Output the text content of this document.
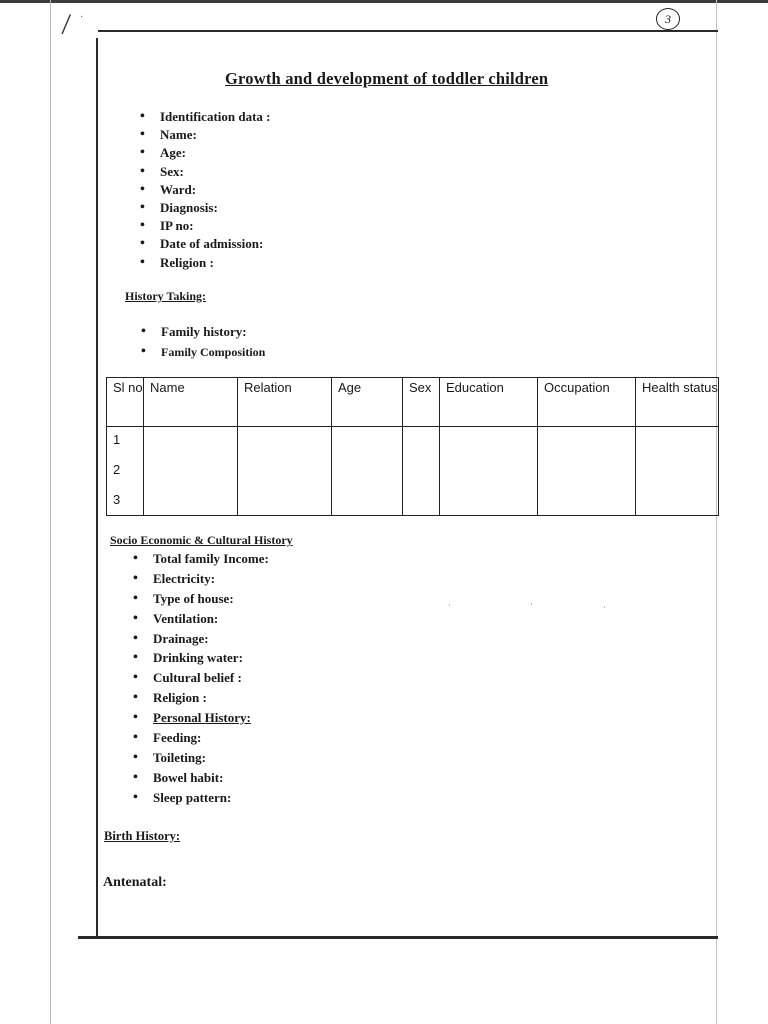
/ ·
·	·	·
3
Growth and development of toddler children
• Identification data :
• Name:
• Age:
• Sex:
• Ward:
• Diagnosis:
• IP no:
• Date of admission:
• Religion :
History Taking:
• Family history:
• Family Composition
Sl no	Name	Relation	Age	Sex	Education	Occupation	Health status

1
2
3							

Socio Economic & Cultural History
• Total family Income:
• Electricity:
• Type of house:
• Ventilation:
• Drainage:
• Drinking water:
• Cultural belief :
• Religion :
• Personal History:
• Feeding:
• Toileting:
• Bowel habit:
• Sleep pattern:
Birth History:
Antenatal:
